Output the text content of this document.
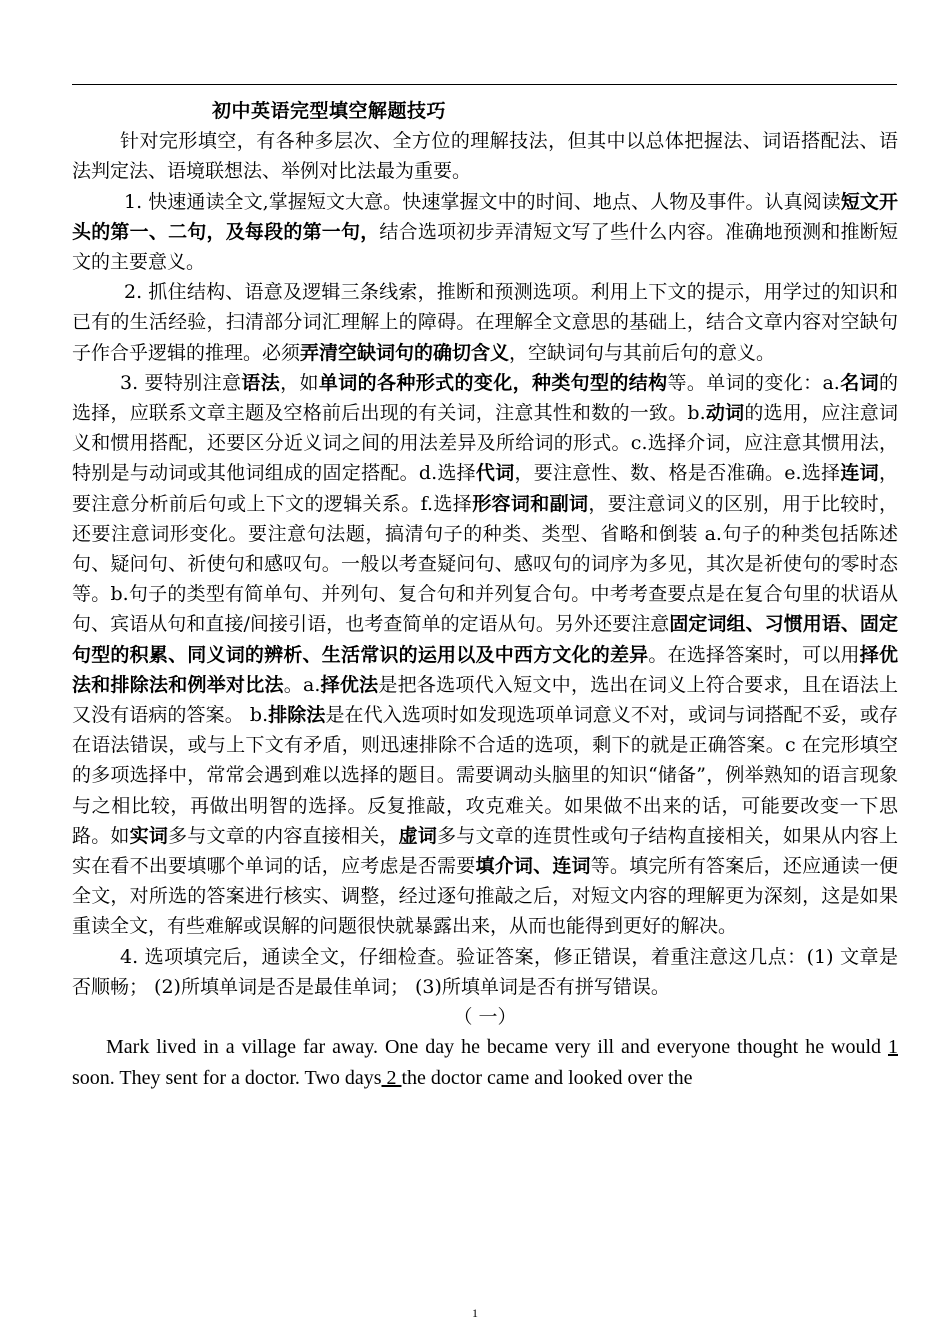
初中英语完型填空解题技巧

针对完形填空，有各种多层次、全方位的理解技法，但其中以总体把握法、词语搭配法、语法判定法、语境联想法、举例对比法最为重要。

1. 快速通读全文,掌握短文大意。快速掌握文中的时间、地点、人物及事件。认真阅读短文开头的第一、二句，及每段的第一句，结合选项初步弄清短文写了些什么内容。准确地预测和推断短文的主要意义。

2. 抓住结构、语意及逻辑三条线索，推断和预测选项。利用上下文的提示，用学过的知识和已有的生活经验，扫清部分词汇理解上的障碍。在理解全文意思的基础上，结合文章内容对空缺句子作合乎逻辑的推理。必须弄清空缺词句的确切含义，空缺词句与其前后句的意义。

3. 要特别注意语法，如单词的各种形式的变化，种类句型的结构等。单词的变化：a.名词的选择，应联系文章主题及空格前后出现的有关词，注意其性和数的一致。b.动词的选用，应注意词义和惯用搭配，还要区分近义词之间的用法差异及所给词的形式。c.选择介词，应注意其惯用法，特别是与动词或其他词组成的固定搭配。d.选择代词，要注意性、数、格是否准确。e.选择连词，要注意分析前后句或上下文的逻辑关系。f.选择形容词和副词，要注意词义的区别，用于比较时，还要注意词形变化。要注意句法题，搞清句子的种类、类型、省略和倒装 a.句子的种类包括陈述句、疑问句、祈使句和感叹句。一般以考查疑问句、感叹句的词序为多见，其次是祈使句的零时态等。b.句子的类型有简单句、并列句、复合句和并列复合句。中考考查要点是在复合句里的状语从句、宾语从句和直接/间接引语，也考查简单的定语从句。另外还要注意固定词组、习惯用语、固定句型的积累、同义词的辨析、生活常识的运用以及中西方文化的差异。在选择答案时，可以用择优法和排除法和例举对比法。a.择优法是把各选项代入短文中，选出在词义上符合要求，且在语法上又没有语病的答案。 b.排除法是在代入选项时如发现选项单词意义不对，或词与词搭配不妥，或存在语法错误，或与上下文有矛盾，则迅速排除不合适的选项，剩下的就是正确答案。c 在完形填空的多项选择中，常常会遇到难以选择的题目。需要调动头脑里的知识“储备”，例举熟知的语言现象与之相比较，再做出明智的选择。反复推敲，攻克难关。如果做不出来的话，可能要改变一下思路。如实词多与文章的内容直接相关，虚词多与文章的连贯性或句子结构直接相关，如果从内容上实在看不出要填哪个单词的话，应考虑是否需要填介词、连词等。填完所有答案后，还应通读一便全文，对所选的答案进行核实、调整，经过逐句推敲之后，对短文内容的理解更为深刻，这是如果重读全文，有些难解或误解的问题很快就暴露出来，从而也能得到更好的解决。

4. 选项填完后，通读全文，仔细检查。验证答案，修正错误，着重注意这几点：(1) 文章是否顺畅； (2)所填单词是否是最佳单词； (3)所填单词是否有拼写错误。

（ 一）

Mark lived in a village far away. One day he became very ill and everyone thought he would 1 soon. They sent for a doctor. Two days 2 the doctor came and looked over the

1
